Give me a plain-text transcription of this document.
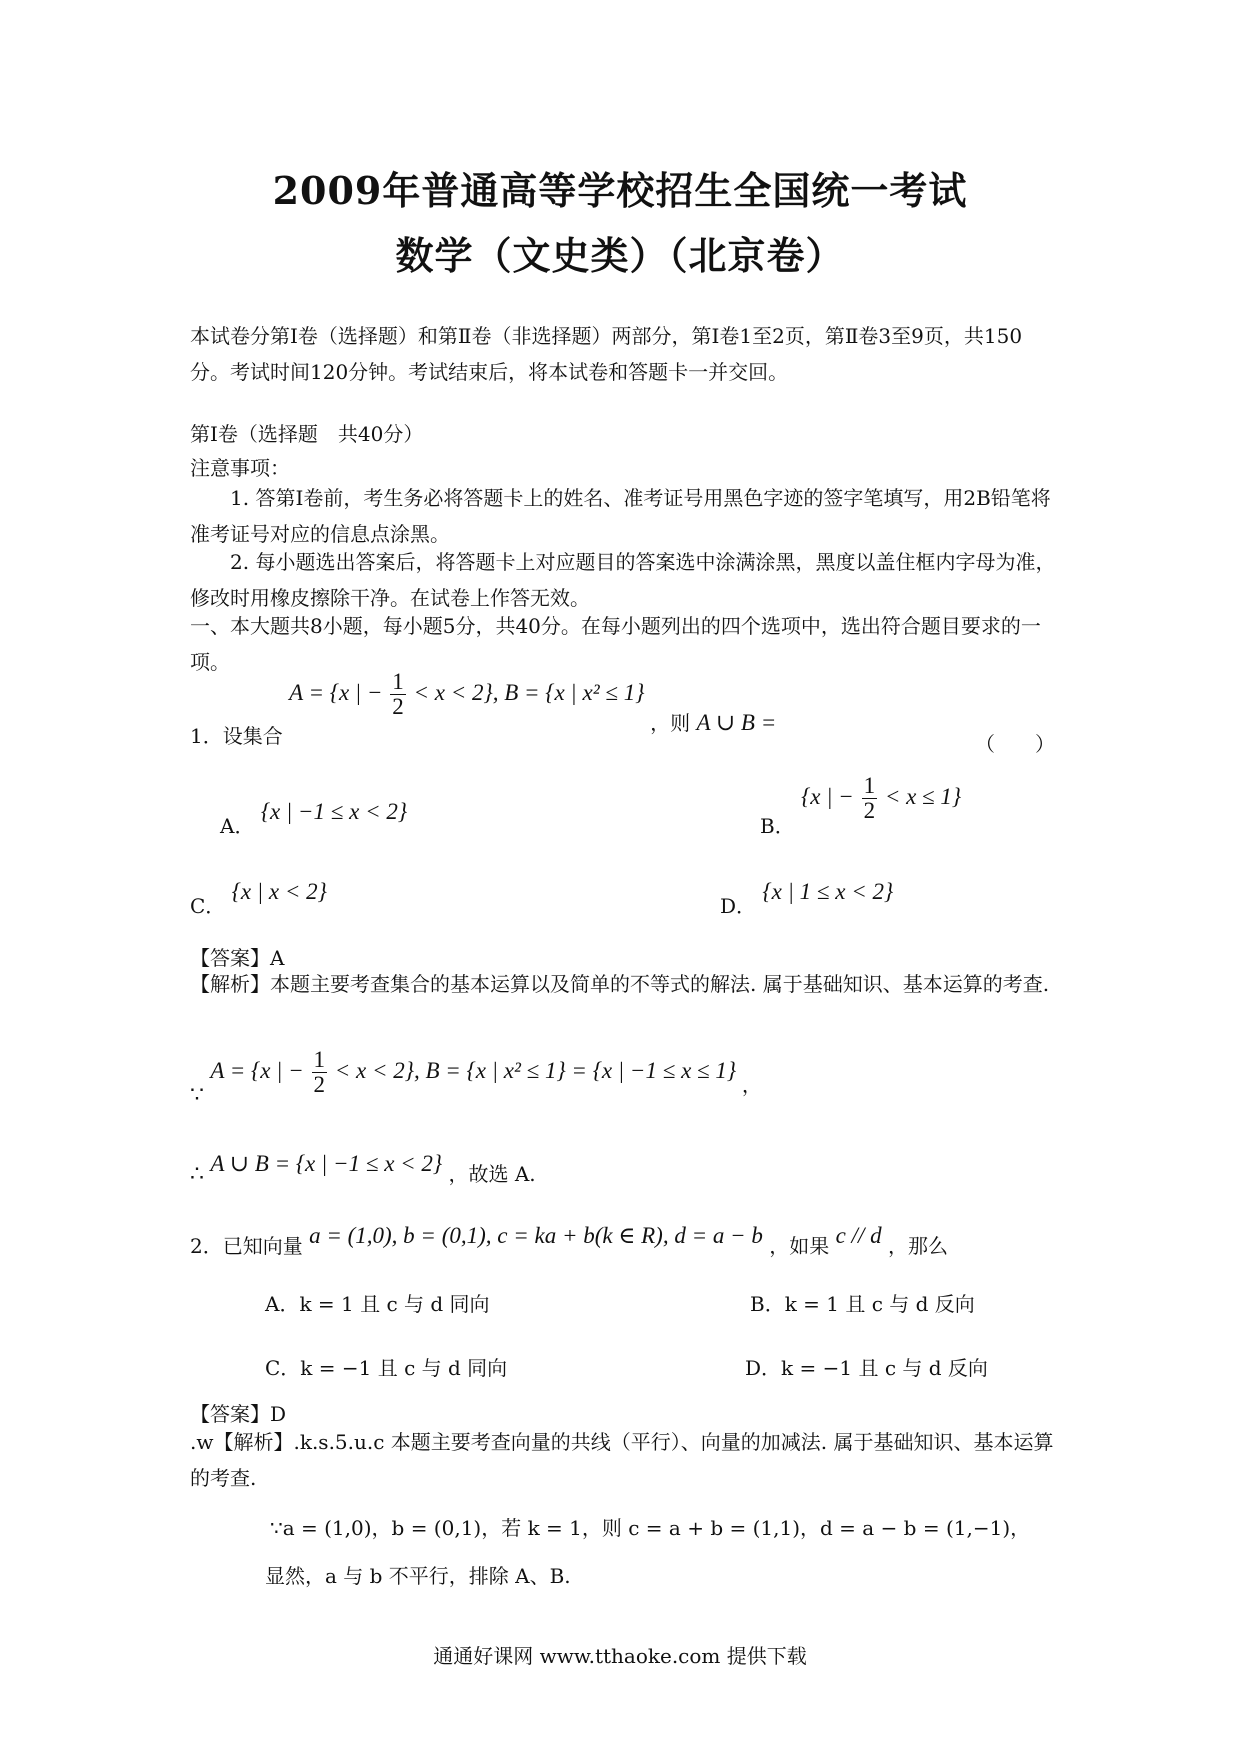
2009年普通高等学校招生全国统一考试
数学（文史类）（北京卷）
本试卷分第Ⅰ卷（选择题）和第Ⅱ卷（非选择题）两部分，第Ⅰ卷1至2页，第Ⅱ卷3至9页，共150分。考试时间120分钟。考试结束后，将本试卷和答题卡一并交回。
第Ⅰ卷（选择题　共40分）
注意事项：
1. 答第Ⅰ卷前，考生务必将答题卡上的姓名、准考证号用黑色字迹的签字笔填写，用2B铅笔将准考证号对应的信息点涂黑。
2. 每小题选出答案后，将答题卡上对应题目的答案选中涂满涂黑，黑度以盖住框内字母为准，修改时用橡皮擦除干净。在试卷上作答无效。
一、本大题共8小题，每小题5分，共40分。在每小题列出的四个选项中，选出符合题目要求的一项。
1．设集合 A = {x | − $\frac{1}{2} < x < 2$}, B = {x | x² ≤ 1} ，则 A ∪ B =
（　　）
A． {x | −1 ≤ x < 2}
B． {x | − $\frac{1}{2} < x \le 1$}
C． {x | x < 2}
D． {x | 1 ≤ x < 2}
【答案】A
【解析】本题主要考查集合的基本运算以及简单的不等式的解法. 属于基础知识、基本运算的考查.
∵ A = {x | − $\frac{1}{2} < x < 2$}, B = {x | x² ≤ 1} = {x | −1 ≤ x ≤ 1} ，
∴ A ∪ B = {x | −1 ≤ x < 2} ，故选 A.
2．已知向量 a = (1,0), b = (0,1), c = ka + b(k ∈ R), d = a − b ，如果 c // d ，那么
A．k = 1 且 c 与 d 同向	B．k = 1 且 c 与 d 反向
C．k = −1 且 c 与 d 同向	D．k = −1 且 c 与 d 反向
【答案】D
.w【解析】.k.s.5.u.c 本题主要考查向量的共线（平行）、向量的加减法. 属于基础知识、基本运算的考查.
∵a = (1,0)，b = (0,1)，若 k = 1，则 c = a + b = (1,1)，d = a − b = (1,−1)，
显然，a 与 b 不平行，排除 A、B.
通通好课网 www.tthaoke.com 提供下载
